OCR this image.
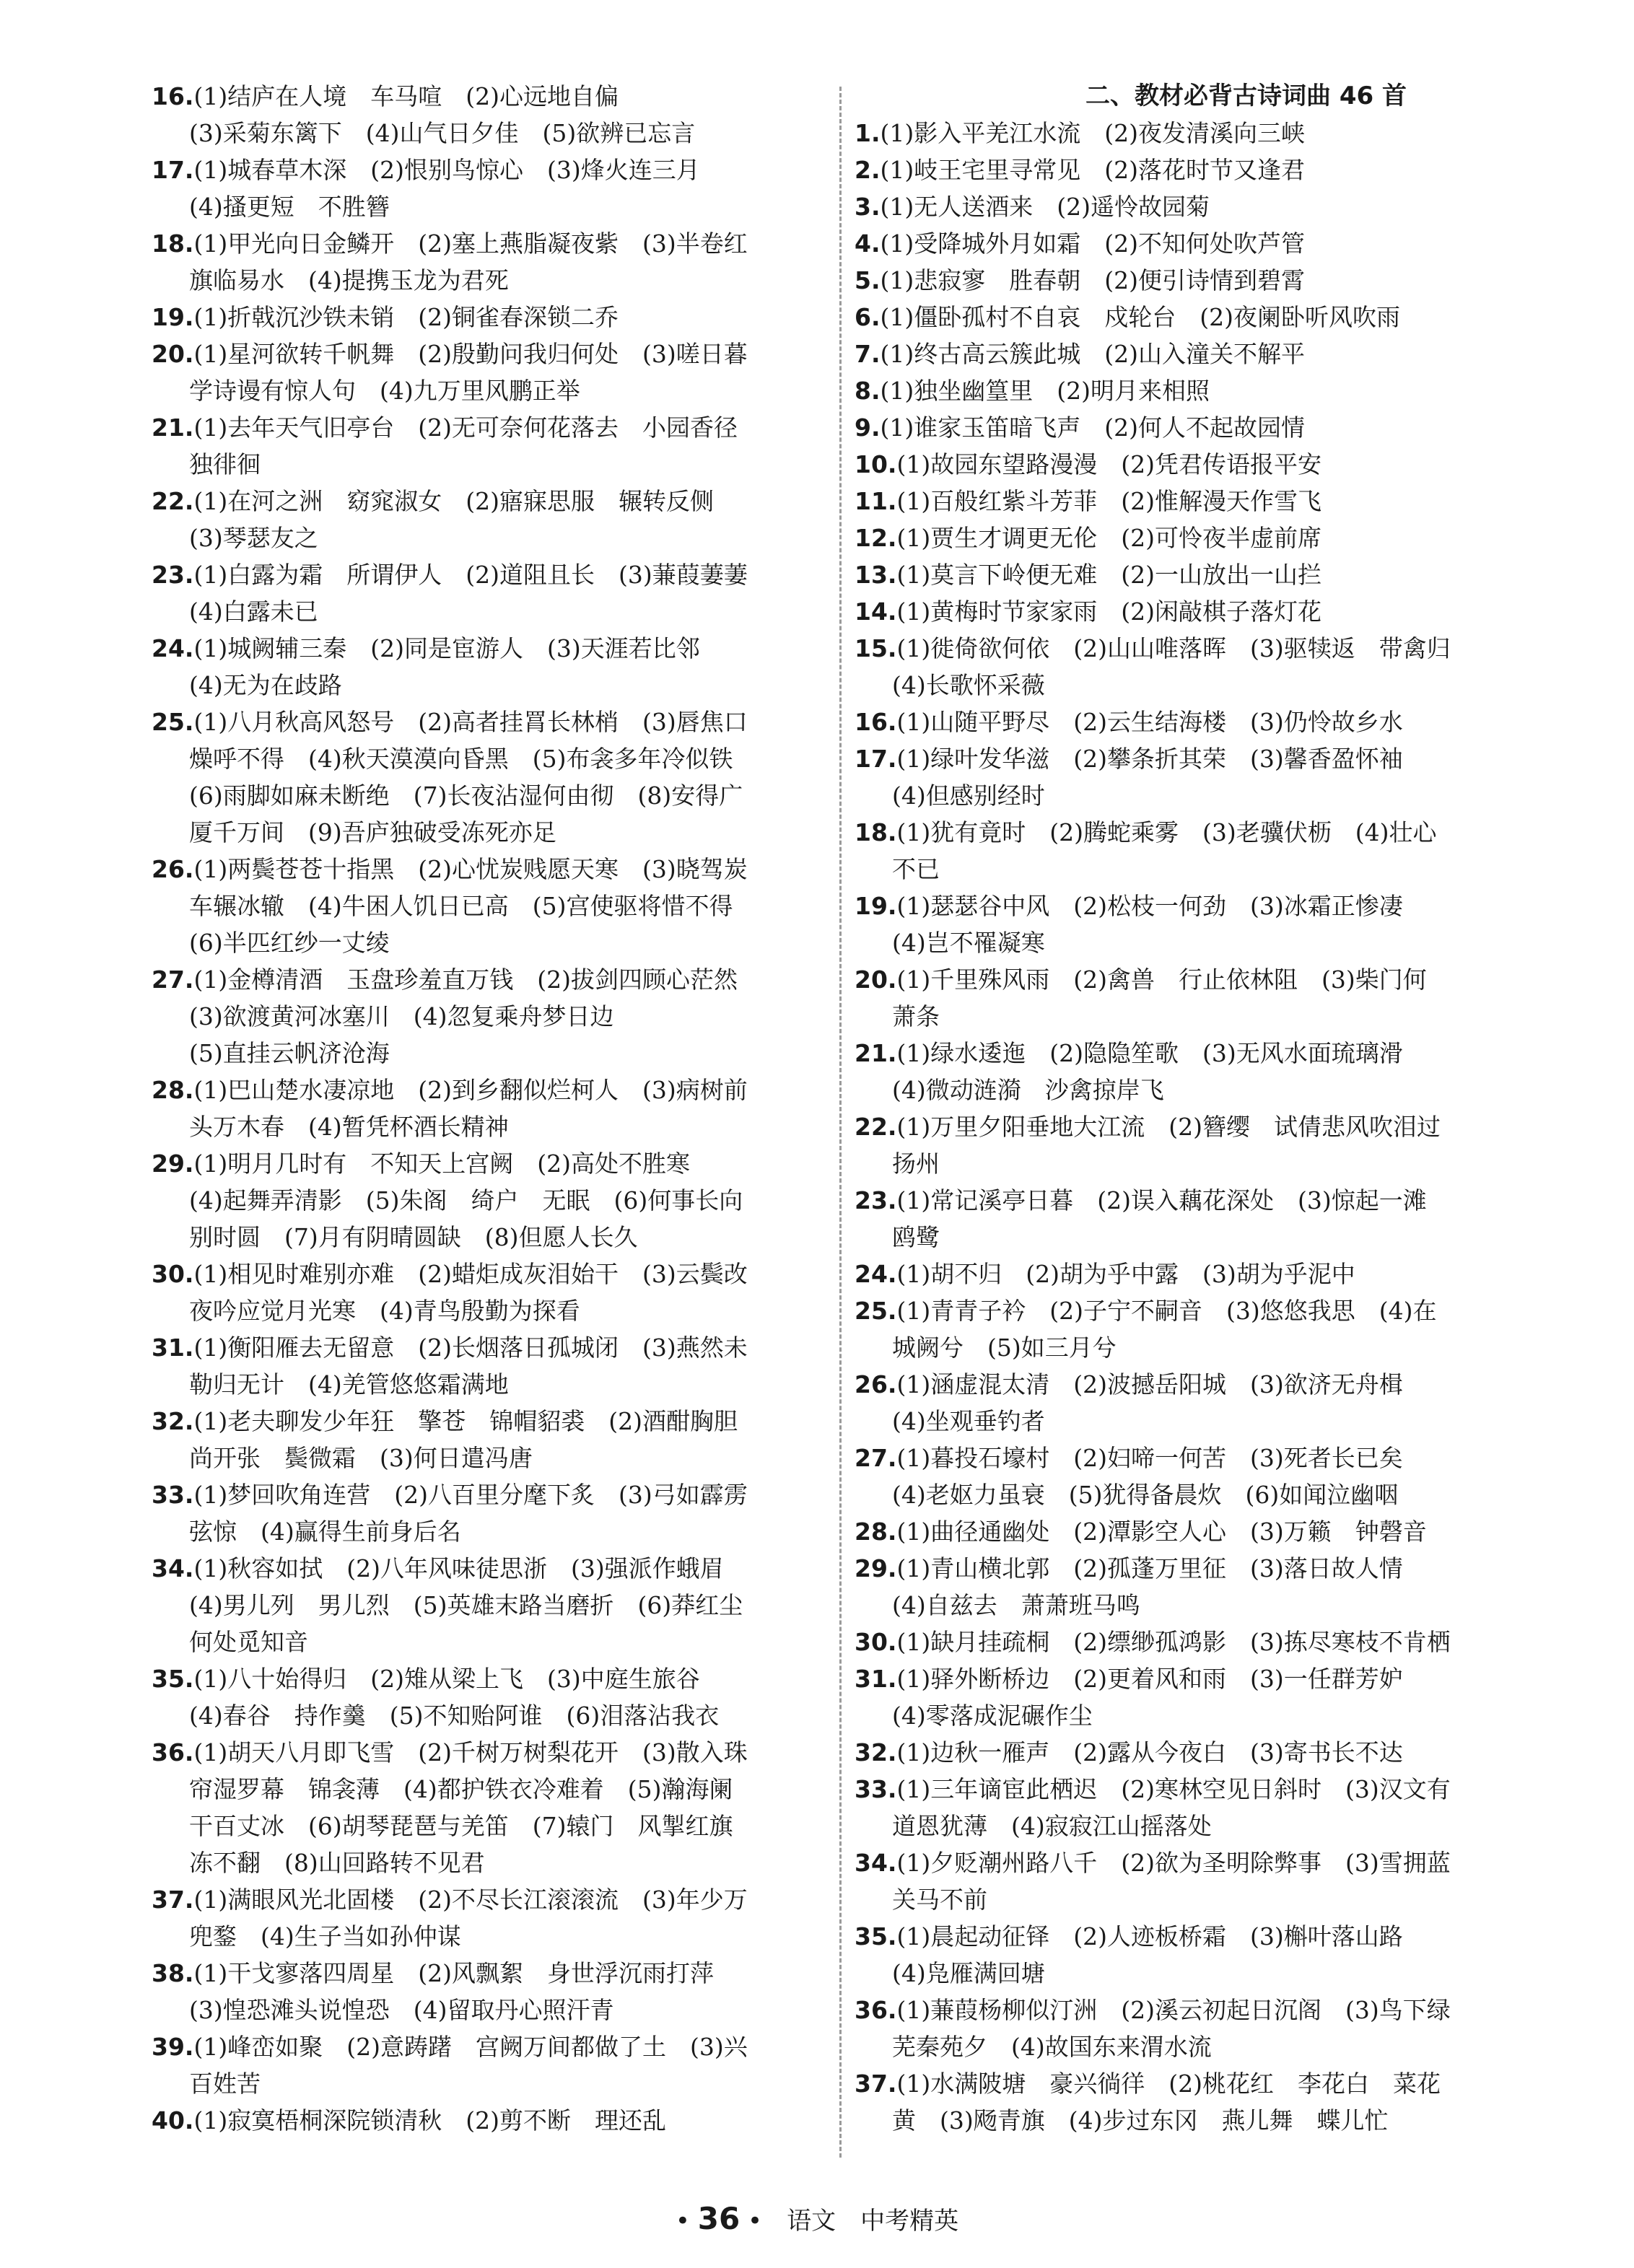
16.(1)结庐在人境　车马喧　(2)心远地自偏
(3)采菊东篱下　(4)山气日夕佳　(5)欲辨已忘言
17.(1)城春草木深　(2)恨别鸟惊心　(3)烽火连三月
(4)搔更短　不胜簪
18.(1)甲光向日金鳞开　(2)塞上燕脂凝夜紫　(3)半卷红
旗临易水　(4)提携玉龙为君死
19.(1)折戟沉沙铁未销　(2)铜雀春深锁二乔
20.(1)星河欲转千帆舞　(2)殷勤问我归何处　(3)嗟日暮
学诗谩有惊人句　(4)九万里风鹏正举
21.(1)去年天气旧亭台　(2)无可奈何花落去　小园香径
独徘徊
22.(1)在河之洲　窈窕淑女　(2)寤寐思服　辗转反侧
(3)琴瑟友之
23.(1)白露为霜　所谓伊人　(2)道阻且长　(3)蒹葭萋萋
(4)白露未已
24.(1)城阙辅三秦　(2)同是宦游人　(3)天涯若比邻
(4)无为在歧路
25.(1)八月秋高风怒号　(2)高者挂罥长林梢　(3)唇焦口
燥呼不得　(4)秋天漠漠向昏黑　(5)布衾多年冷似铁
(6)雨脚如麻未断绝　(7)长夜沾湿何由彻　(8)安得广
厦千万间　(9)吾庐独破受冻死亦足
26.(1)两鬓苍苍十指黑　(2)心忧炭贱愿天寒　(3)晓驾炭
车辗冰辙　(4)牛困人饥日已高　(5)宫使驱将惜不得
(6)半匹红纱一丈绫
27.(1)金樽清酒　玉盘珍羞直万钱　(2)拔剑四顾心茫然
(3)欲渡黄河冰塞川　(4)忽复乘舟梦日边
(5)直挂云帆济沧海
28.(1)巴山楚水凄凉地　(2)到乡翻似烂柯人　(3)病树前
头万木春　(4)暂凭杯酒长精神
29.(1)明月几时有　不知天上宫阙　(2)高处不胜寒
(4)起舞弄清影　(5)朱阁　绮户　无眠　(6)何事长向
别时圆　(7)月有阴晴圆缺　(8)但愿人长久
30.(1)相见时难别亦难　(2)蜡炬成灰泪始干　(3)云鬓改
夜吟应觉月光寒　(4)青鸟殷勤为探看
31.(1)衡阳雁去无留意　(2)长烟落日孤城闭　(3)燕然未
勒归无计　(4)羌管悠悠霜满地
32.(1)老夫聊发少年狂　擎苍　锦帽貂裘　(2)酒酣胸胆
尚开张　鬓微霜　(3)何日遣冯唐
33.(1)梦回吹角连营　(2)八百里分麾下炙　(3)弓如霹雳
弦惊　(4)赢得生前身后名
34.(1)秋容如拭　(2)八年风味徒思浙　(3)强派作蛾眉
(4)男儿列　男儿烈　(5)英雄末路当磨折　(6)莽红尘
何处觅知音
35.(1)八十始得归　(2)雉从梁上飞　(3)中庭生旅谷
(4)春谷　持作羹　(5)不知贻阿谁　(6)泪落沾我衣
36.(1)胡天八月即飞雪　(2)千树万树梨花开　(3)散入珠
帘湿罗幕　锦衾薄　(4)都护铁衣冷难着　(5)瀚海阑
干百丈冰　(6)胡琴琵琶与羌笛　(7)辕门　风掣红旗
冻不翻　(8)山回路转不见君
37.(1)满眼风光北固楼　(2)不尽长江滚滚流　(3)年少万
兜鍪　(4)生子当如孙仲谋
38.(1)干戈寥落四周星　(2)风飘絮　身世浮沉雨打萍
(3)惶恐滩头说惶恐　(4)留取丹心照汗青
39.(1)峰峦如聚　(2)意踌躇　宫阙万间都做了土　(3)兴
百姓苦
40.(1)寂寞梧桐深院锁清秋　(2)剪不断　理还乱
二、教材必背古诗词曲 46 首
1.(1)影入平羌江水流　(2)夜发清溪向三峡
2.(1)岐王宅里寻常见　(2)落花时节又逢君
3.(1)无人送酒来　(2)遥怜故园菊
4.(1)受降城外月如霜　(2)不知何处吹芦管
5.(1)悲寂寥　胜春朝　(2)便引诗情到碧霄
6.(1)僵卧孤村不自哀　戍轮台　(2)夜阑卧听风吹雨
7.(1)终古高云簇此城　(2)山入潼关不解平
8.(1)独坐幽篁里　(2)明月来相照
9.(1)谁家玉笛暗飞声　(2)何人不起故园情
10.(1)故园东望路漫漫　(2)凭君传语报平安
11.(1)百般红紫斗芳菲　(2)惟解漫天作雪飞
12.(1)贾生才调更无伦　(2)可怜夜半虚前席
13.(1)莫言下岭便无难　(2)一山放出一山拦
14.(1)黄梅时节家家雨　(2)闲敲棋子落灯花
15.(1)徙倚欲何依　(2)山山唯落晖　(3)驱犊返　带禽归
(4)长歌怀采薇
16.(1)山随平野尽　(2)云生结海楼　(3)仍怜故乡水
17.(1)绿叶发华滋　(2)攀条折其荣　(3)馨香盈怀袖
(4)但感别经时
18.(1)犹有竟时　(2)腾蛇乘雾　(3)老骥伏枥　(4)壮心
不已
19.(1)瑟瑟谷中风　(2)松枝一何劲　(3)冰霜正惨凄
(4)岂不罹凝寒
20.(1)千里殊风雨　(2)禽兽　行止依林阻　(3)柴门何
萧条
21.(1)绿水逶迤　(2)隐隐笙歌　(3)无风水面琉璃滑
(4)微动涟漪　沙禽掠岸飞
22.(1)万里夕阳垂地大江流　(2)簪缨　试倩悲风吹泪过
扬州
23.(1)常记溪亭日暮　(2)误入藕花深处　(3)惊起一滩
鸥鹭
24.(1)胡不归　(2)胡为乎中露　(3)胡为乎泥中
25.(1)青青子衿　(2)子宁不嗣音　(3)悠悠我思　(4)在
城阙兮　(5)如三月兮
26.(1)涵虚混太清　(2)波撼岳阳城　(3)欲济无舟楫
(4)坐观垂钓者
27.(1)暮投石壕村　(2)妇啼一何苦　(3)死者长已矣
(4)老妪力虽衰　(5)犹得备晨炊　(6)如闻泣幽咽
28.(1)曲径通幽处　(2)潭影空人心　(3)万籁　钟磬音
29.(1)青山横北郭　(2)孤蓬万里征　(3)落日故人情
(4)自兹去　萧萧班马鸣
30.(1)缺月挂疏桐　(2)缥缈孤鸿影　(3)拣尽寒枝不肯栖
31.(1)驿外断桥边　(2)更着风和雨　(3)一任群芳妒
(4)零落成泥碾作尘
32.(1)边秋一雁声　(2)露从今夜白　(3)寄书长不达
33.(1)三年谪宦此栖迟　(2)寒林空见日斜时　(3)汉文有
道恩犹薄　(4)寂寂江山摇落处
34.(1)夕贬潮州路八千　(2)欲为圣明除弊事　(3)雪拥蓝
关马不前
35.(1)晨起动征铎　(2)人迹板桥霜　(3)槲叶落山路
(4)凫雁满回塘
36.(1)蒹葭杨柳似汀洲　(2)溪云初起日沉阁　(3)鸟下绿
芜秦苑夕　(4)故国东来渭水流
37.(1)水满陂塘　豪兴徜徉　(2)桃花红　李花白　菜花
黄　(3)飏青旗　(4)步过东冈　燕儿舞　蝶儿忙
• 36 •　语文　 中考精英
